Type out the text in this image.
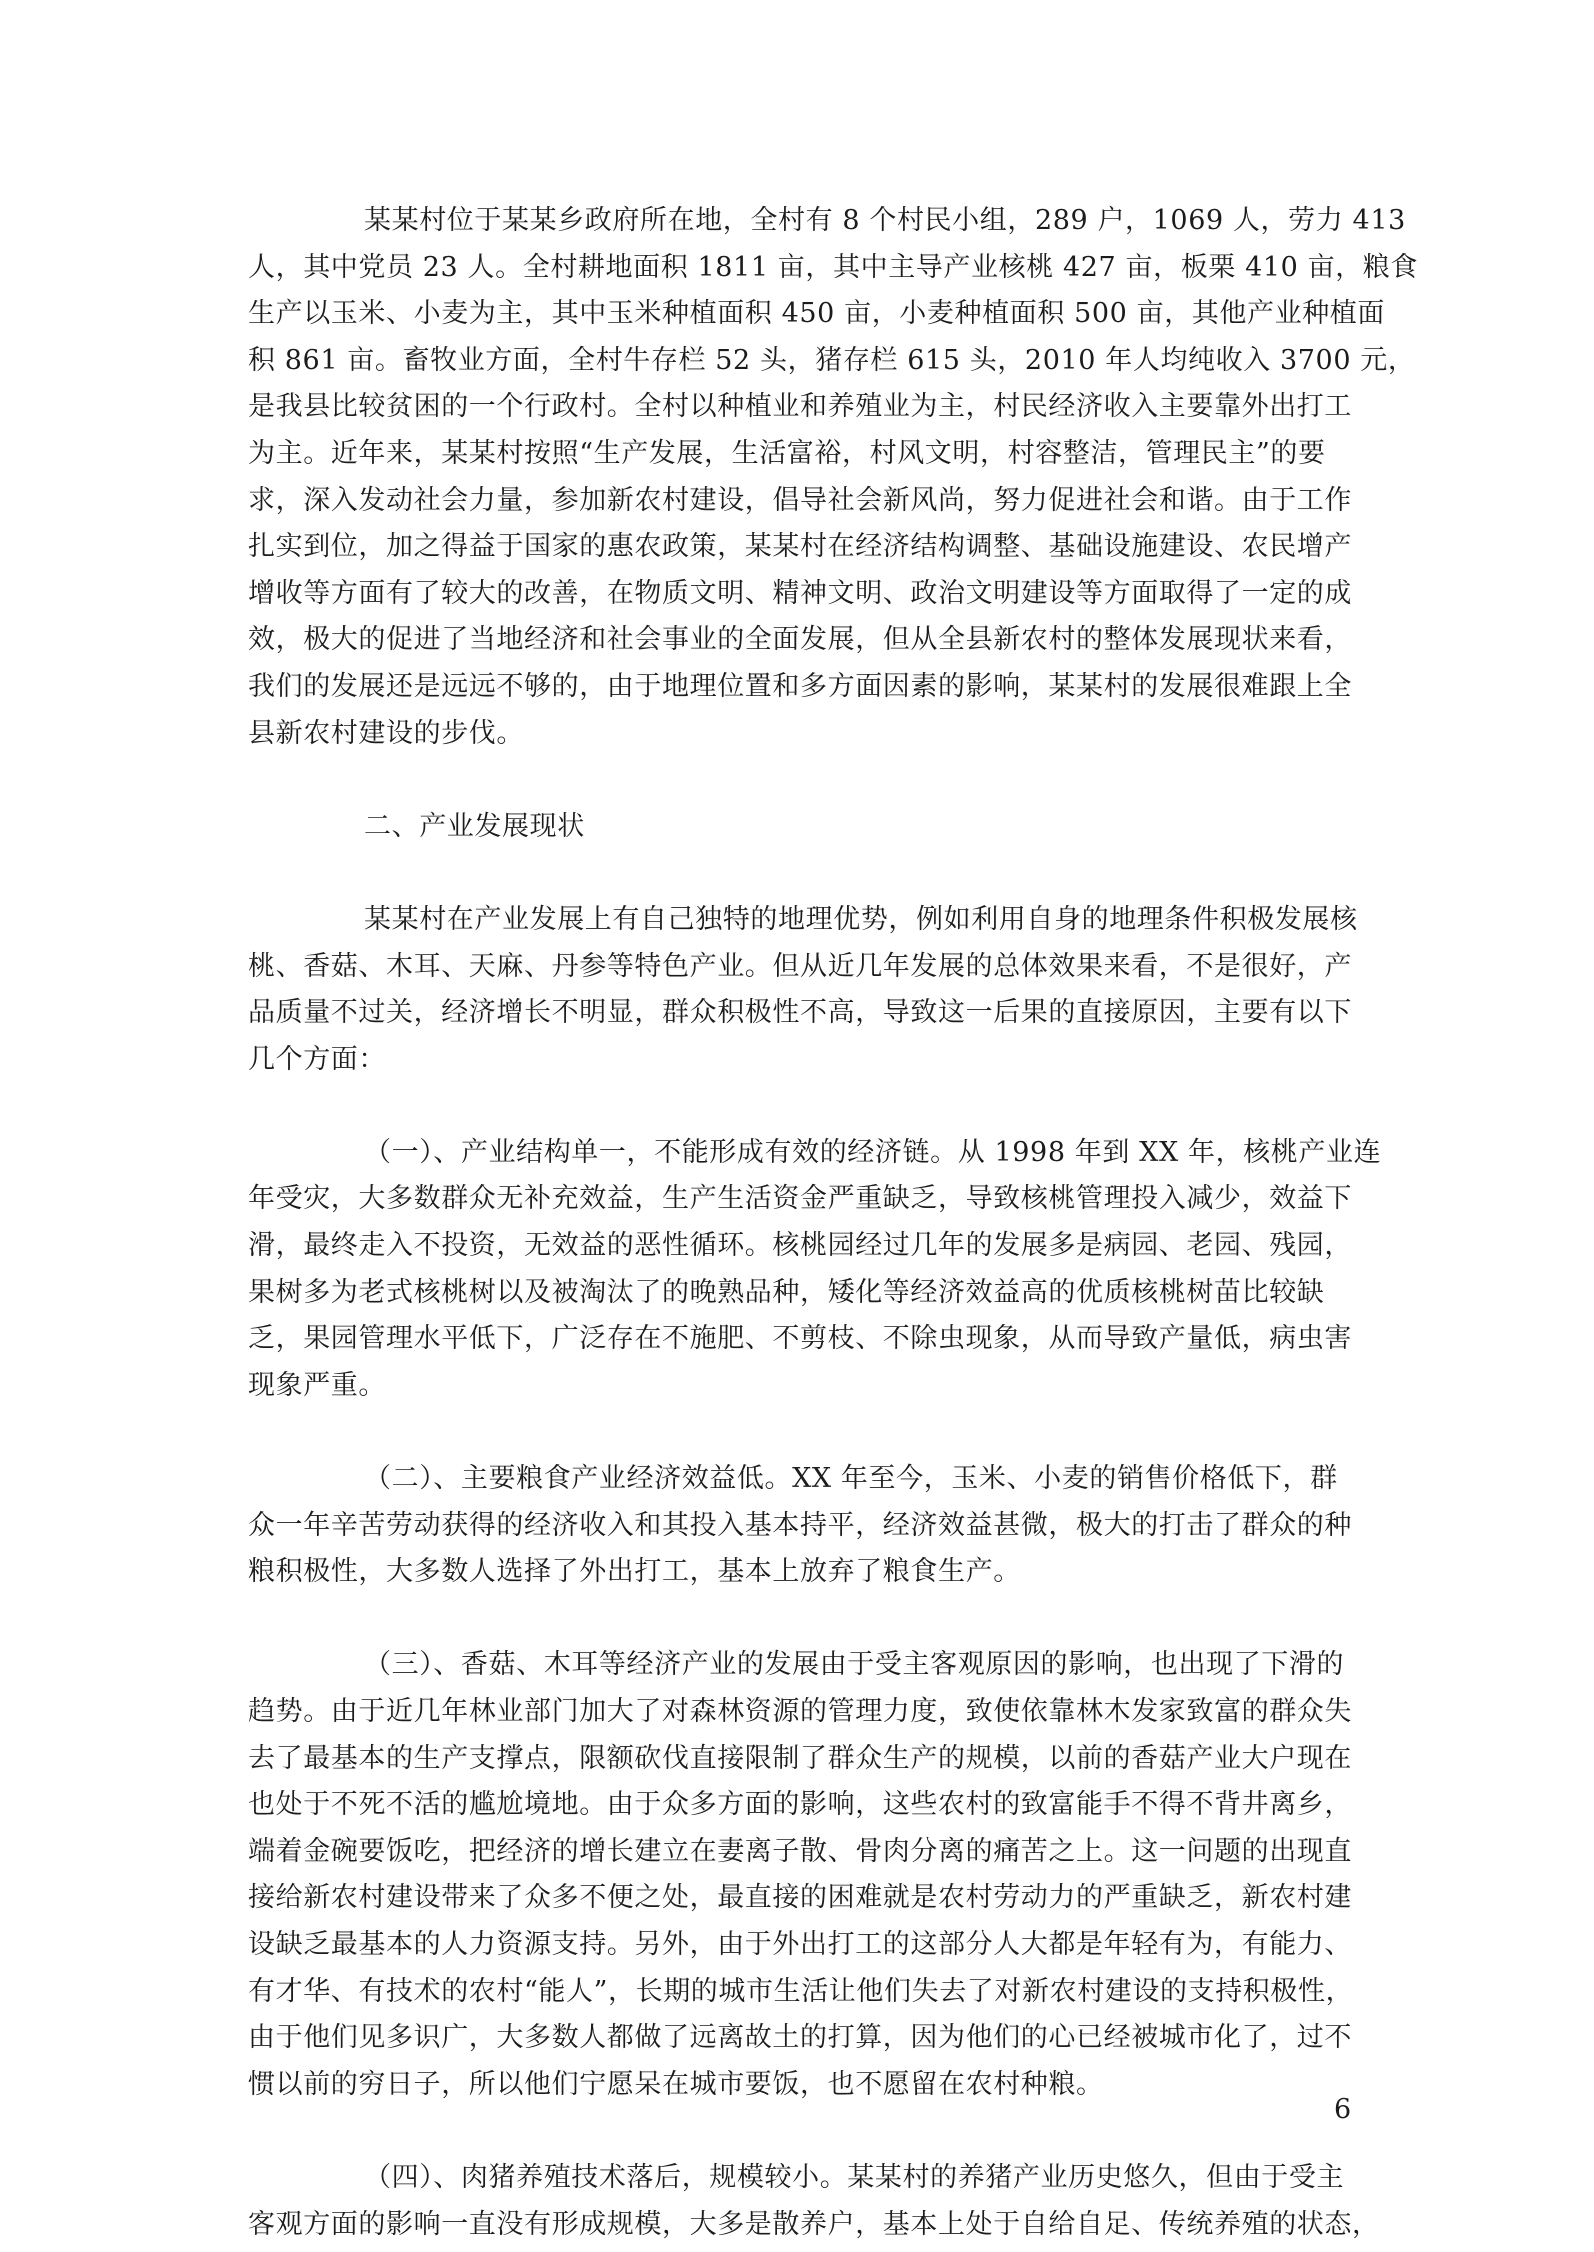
某某村位于某某乡政府所在地，全村有 8 个村民小组，289 户，1069 人，劳力 413
人，其中党员 23 人。全村耕地面积 1811 亩，其中主导产业核桃 427 亩，板栗 410 亩，粮食
生产以玉米、小麦为主，其中玉米种植面积 450 亩，小麦种植面积 500 亩，其他产业种植面
积 861 亩。畜牧业方面，全村牛存栏 52 头，猪存栏 615 头，2010 年人均纯收入 3700 元，
是我县比较贫困的一个行政村。全村以种植业和养殖业为主，村民经济收入主要靠外出打工
为主。近年来，某某村按照“生产发展，生活富裕，村风文明，村容整洁，管理民主”的要
求，深入发动社会力量，参加新农村建设，倡导社会新风尚，努力促进社会和谐。由于工作
扎实到位，加之得益于国家的惠农政策，某某村在经济结构调整、基础设施建设、农民增产
增收等方面有了较大的改善，在物质文明、精神文明、政治文明建设等方面取得了一定的成
效，极大的促进了当地经济和社会事业的全面发展，但从全县新农村的整体发展现状来看，
我们的发展还是远远不够的，由于地理位置和多方面因素的影响，某某村的发展很难跟上全
县新农村建设的步伐。
二、产业发展现状
某某村在产业发展上有自己独特的地理优势，例如利用自身的地理条件积极发展核
桃、香菇、木耳、天麻、丹参等特色产业。但从近几年发展的总体效果来看，不是很好，产
品质量不过关，经济增长不明显，群众积极性不高，导致这一后果的直接原因，主要有以下
几个方面：
（一）、产业结构单一，不能形成有效的经济链。从 1998 年到 XX 年，核桃产业连
年受灾，大多数群众无补充效益，生产生活资金严重缺乏，导致核桃管理投入减少，效益下
滑，最终走入不投资，无效益的恶性循环。核桃园经过几年的发展多是病园、老园、残园，
果树多为老式核桃树以及被淘汰了的晚熟品种，矮化等经济效益高的优质核桃树苗比较缺
乏，果园管理水平低下，广泛存在不施肥、不剪枝、不除虫现象，从而导致产量低，病虫害
现象严重。
（二）、主要粮食产业经济效益低。XX 年至今，玉米、小麦的销售价格低下，群
众一年辛苦劳动获得的经济收入和其投入基本持平，经济效益甚微，极大的打击了群众的种
粮积极性，大多数人选择了外出打工，基本上放弃了粮食生产。
（三）、香菇、木耳等经济产业的发展由于受主客观原因的影响，也出现了下滑的
趋势。由于近几年林业部门加大了对森林资源的管理力度，致使依靠林木发家致富的群众失
去了最基本的生产支撑点，限额砍伐直接限制了群众生产的规模，以前的香菇产业大户现在
也处于不死不活的尴尬境地。由于众多方面的影响，这些农村的致富能手不得不背井离乡，
端着金碗要饭吃，把经济的增长建立在妻离子散、骨肉分离的痛苦之上。这一问题的出现直
接给新农村建设带来了众多不便之处，最直接的困难就是农村劳动力的严重缺乏，新农村建
设缺乏最基本的人力资源支持。另外，由于外出打工的这部分人大都是年轻有为，有能力、
有才华、有技术的农村“能人”，长期的城市生活让他们失去了对新农村建设的支持积极性，
由于他们见多识广，大多数人都做了远离故土的打算，因为他们的心已经被城市化了，过不
惯以前的穷日子，所以他们宁愿呆在城市要饭，也不愿留在农村种粮。
（四）、肉猪养殖技术落后，规模较小。某某村的养猪产业历史悠久，但由于受主
客观方面的影响一直没有形成规模，大多是散养户，基本上处于自给自足、传统养殖的状态，
6
